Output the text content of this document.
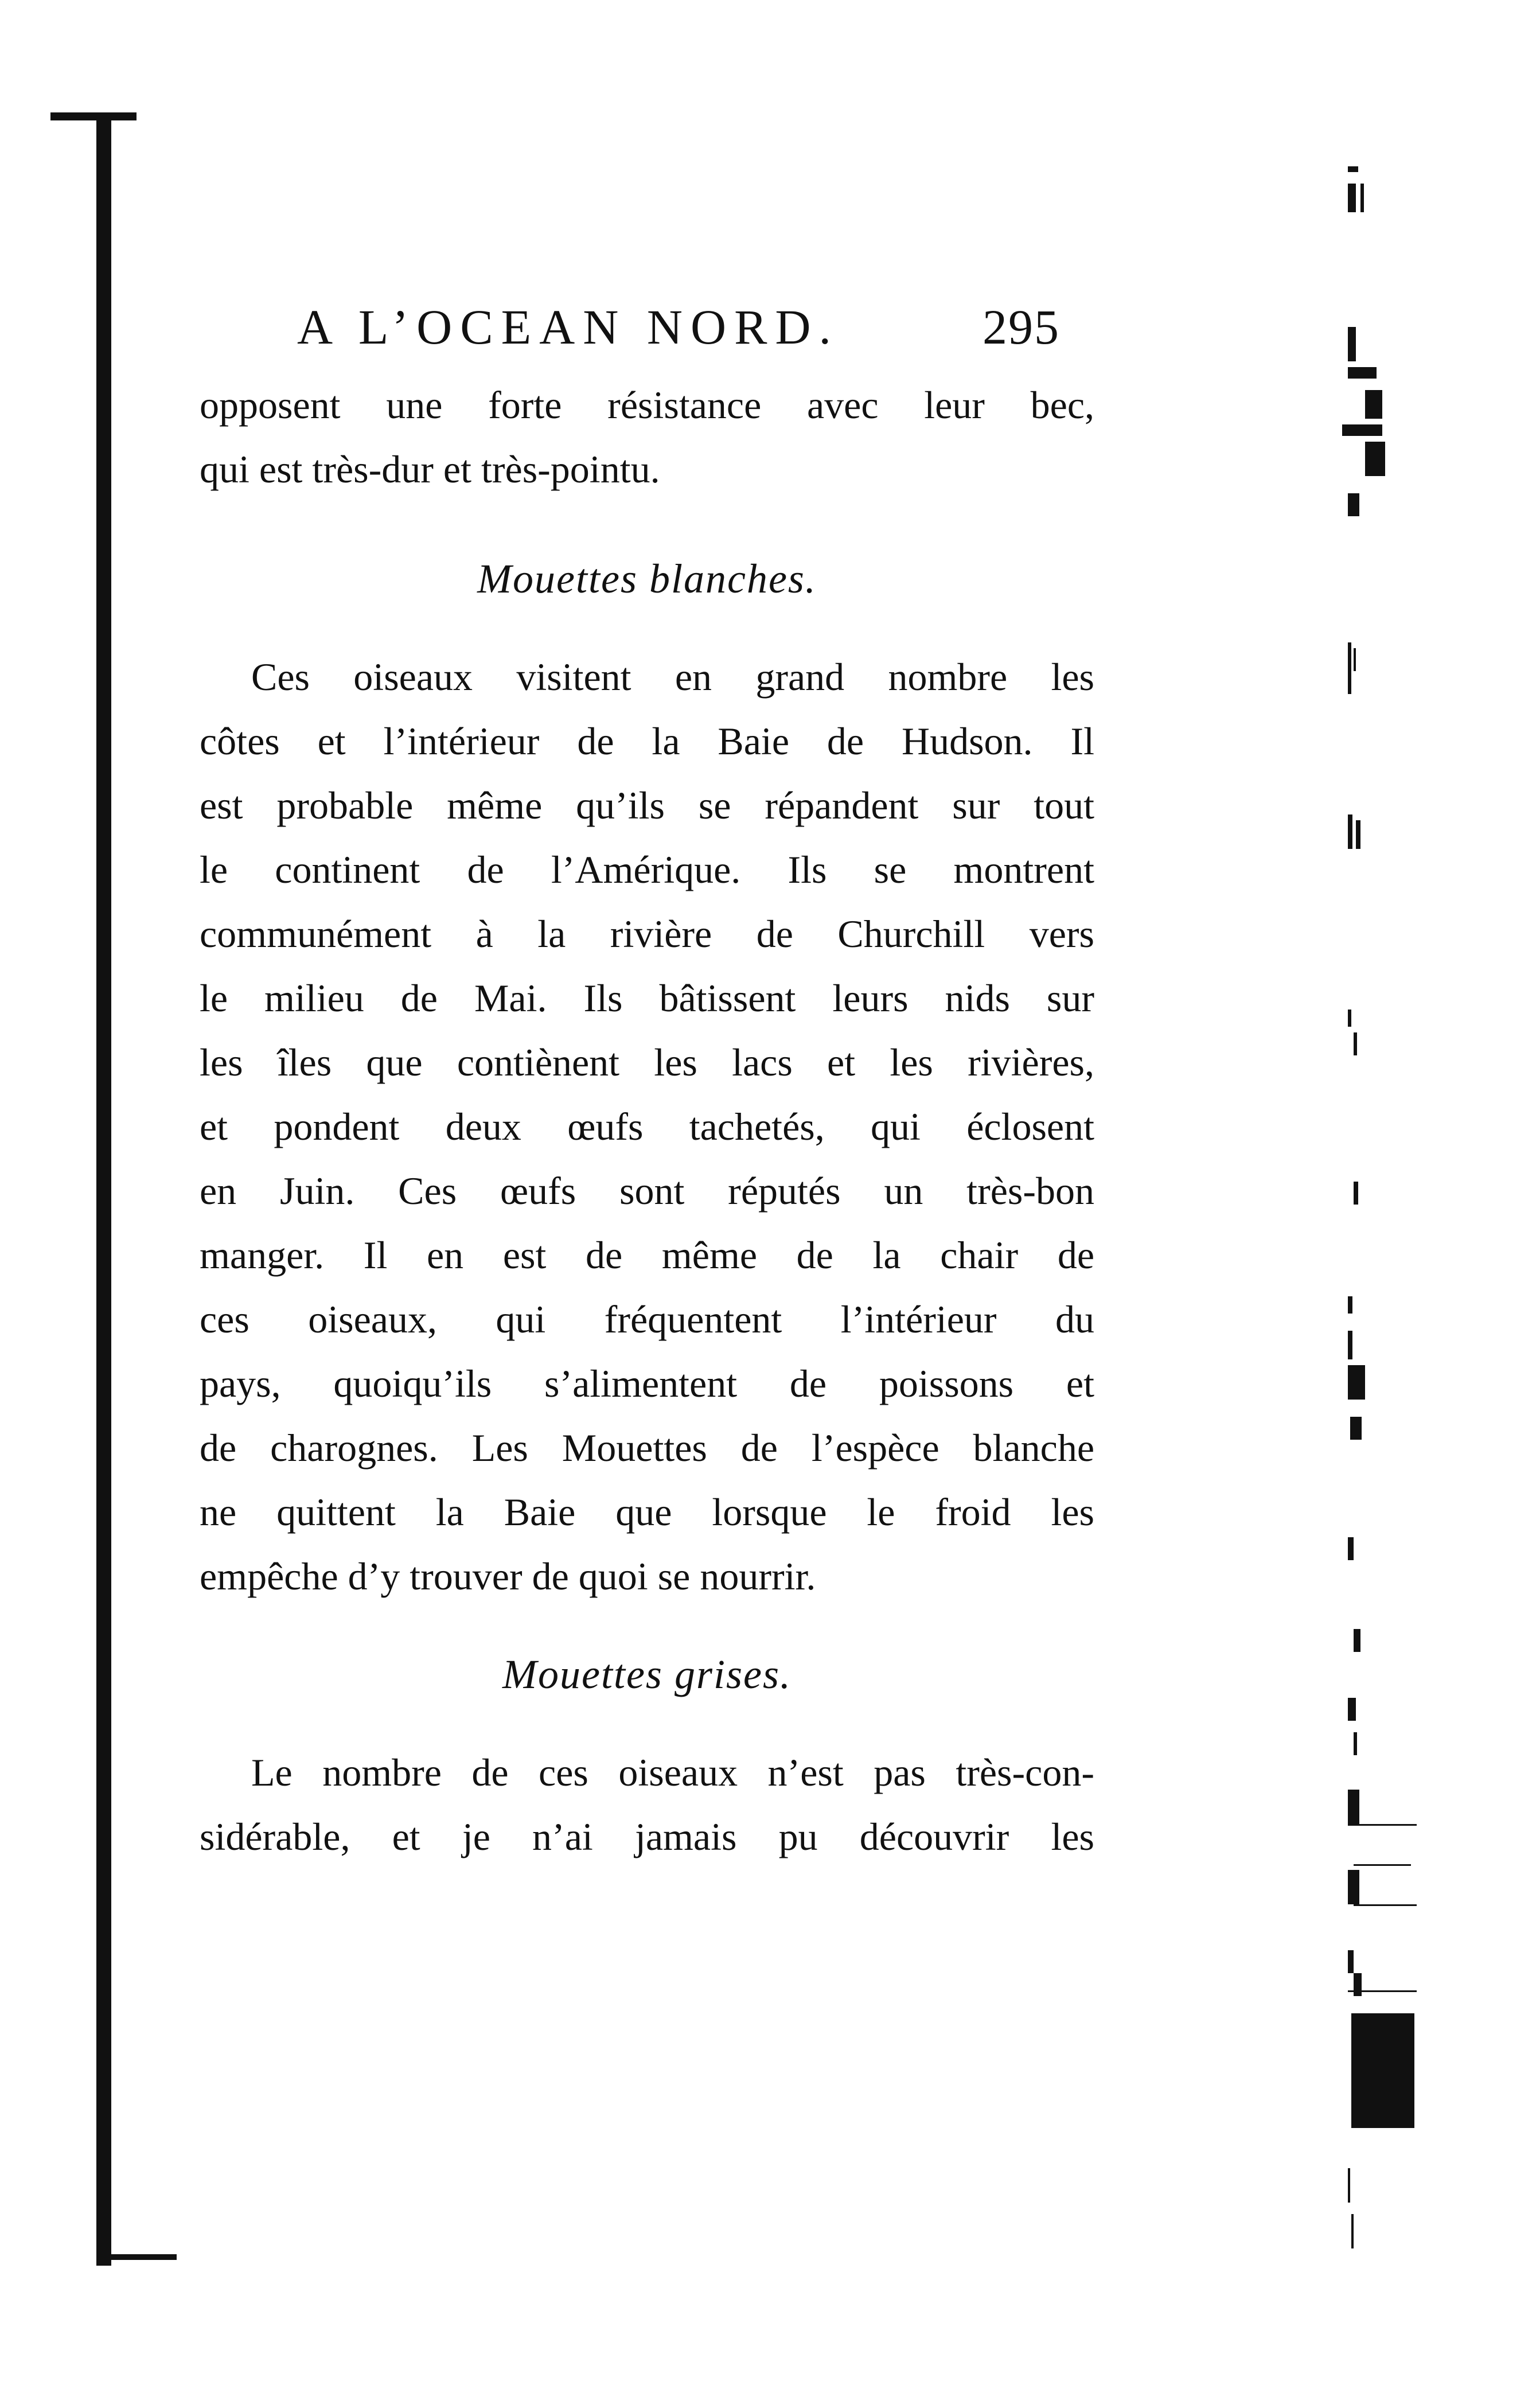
A L’OCEAN NORD.	295
opposent une forte résistance avec leur bec,
qui est très-dur et très-pointu.
Mouettes blanches.
Ces oiseaux visitent en grand nombre les
côtes et l’intérieur de la Baie de Hudson. Il
est probable même qu’ils se répandent sur tout
le continent de l’Amérique. Ils se montrent
communément à la rivière de Churchill vers
le milieu de Mai. Ils bâtissent leurs nids sur
les îles que contiènent les lacs et les rivières,
et pondent deux œufs tachetés, qui éclosent
en Juin. Ces œufs sont réputés un très-bon
manger. Il en est de même de la chair de
ces oiseaux, qui fréquentent l’intérieur du
pays, quoiqu’ils s’alimentent de poissons et
de charognes. Les Mouettes de l’espèce blanche
ne quittent la Baie que lorsque le froid les
empêche d’y trouver de quoi se nourrir.
Mouettes grises.
Le nombre de ces oiseaux n’est pas très-con-
sidérable, et je n’ai jamais pu découvrir les
